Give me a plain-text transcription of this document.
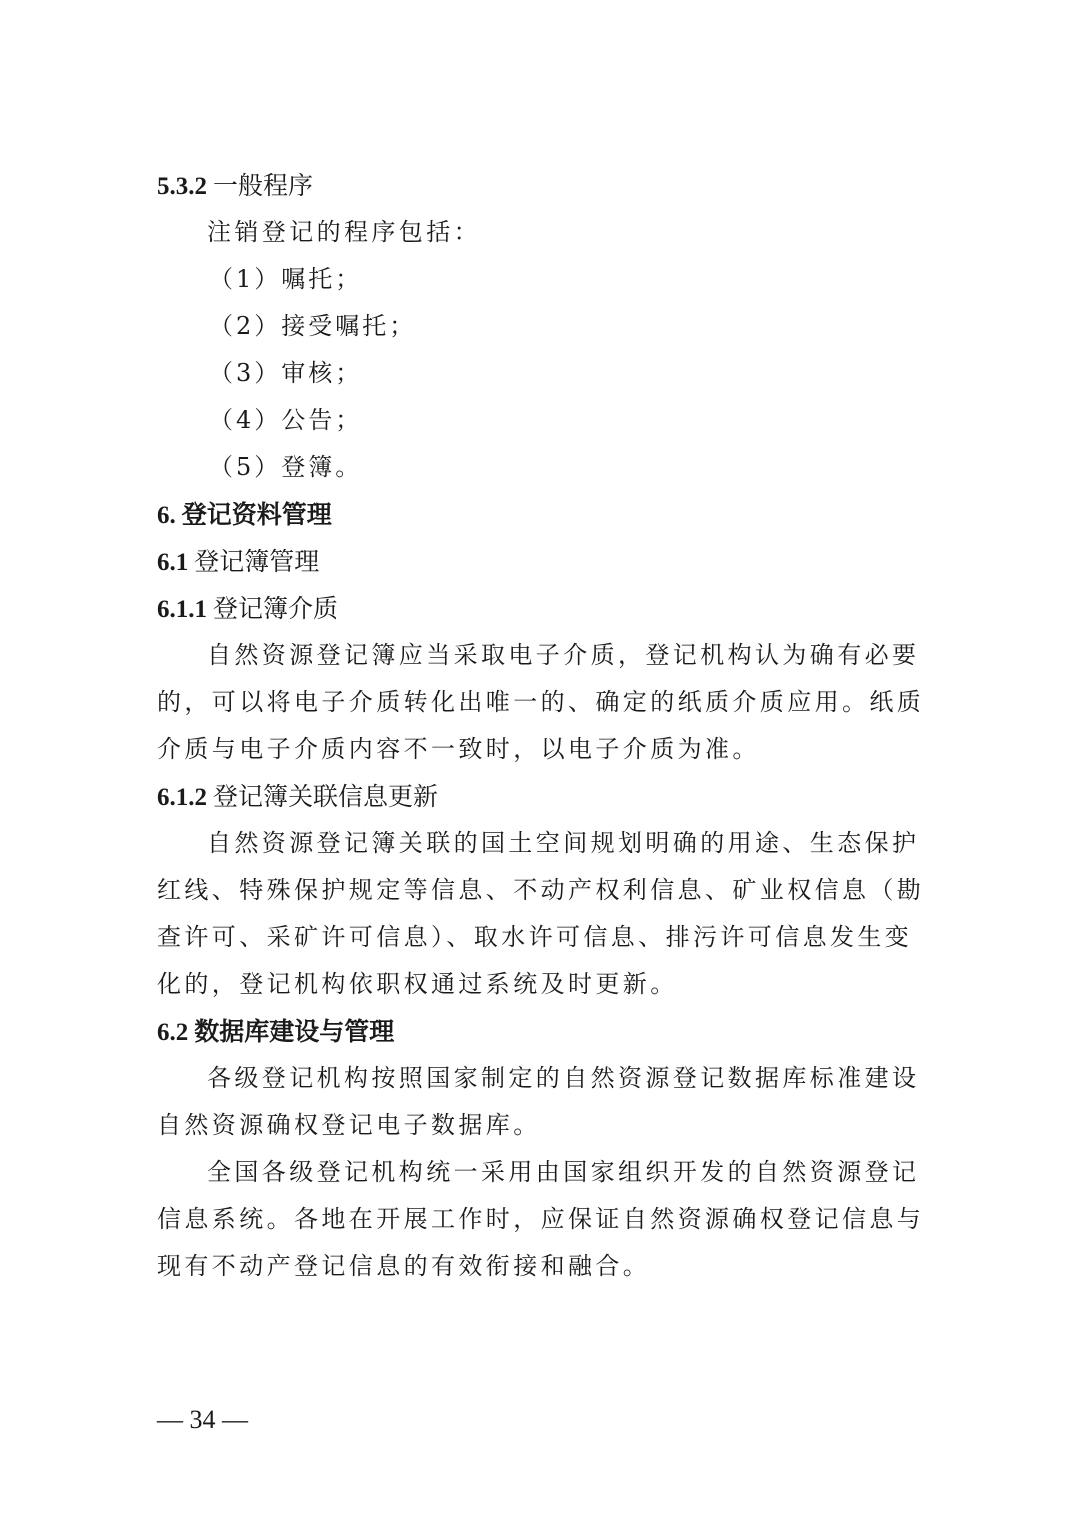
5.3.2 一般程序
注销登记的程序包括：
（1）嘱托；
（2）接受嘱托；
（3）审核；
（4）公告；
（5）登簿。
6. 登记资料管理
6.1 登记簿管理
6.1.1 登记簿介质

自然资源登记簿应当采取电子介质，登记机构认为确有必要的，可以将电子介质转化出唯一的、确定的纸质介质应用。纸质介质与电子介质内容不一致时，以电子介质为准。

6.1.2 登记簿关联信息更新

自然资源登记簿关联的国土空间规划明确的用途、生态保护红线、特殊保护规定等信息、不动产权利信息、矿业权信息（勘查许可、采矿许可信息）、取水许可信息、排污许可信息发生变化的，登记机构依职权通过系统及时更新。

6.2 数据库建设与管理

各级登记机构按照国家制定的自然资源登记数据库标准建设自然资源确权登记电子数据库。

全国各级登记机构统一采用由国家组织开发的自然资源登记信息系统。各地在开展工作时，应保证自然资源确权登记信息与现有不动产登记信息的有效衔接和融合。

— 34 —
